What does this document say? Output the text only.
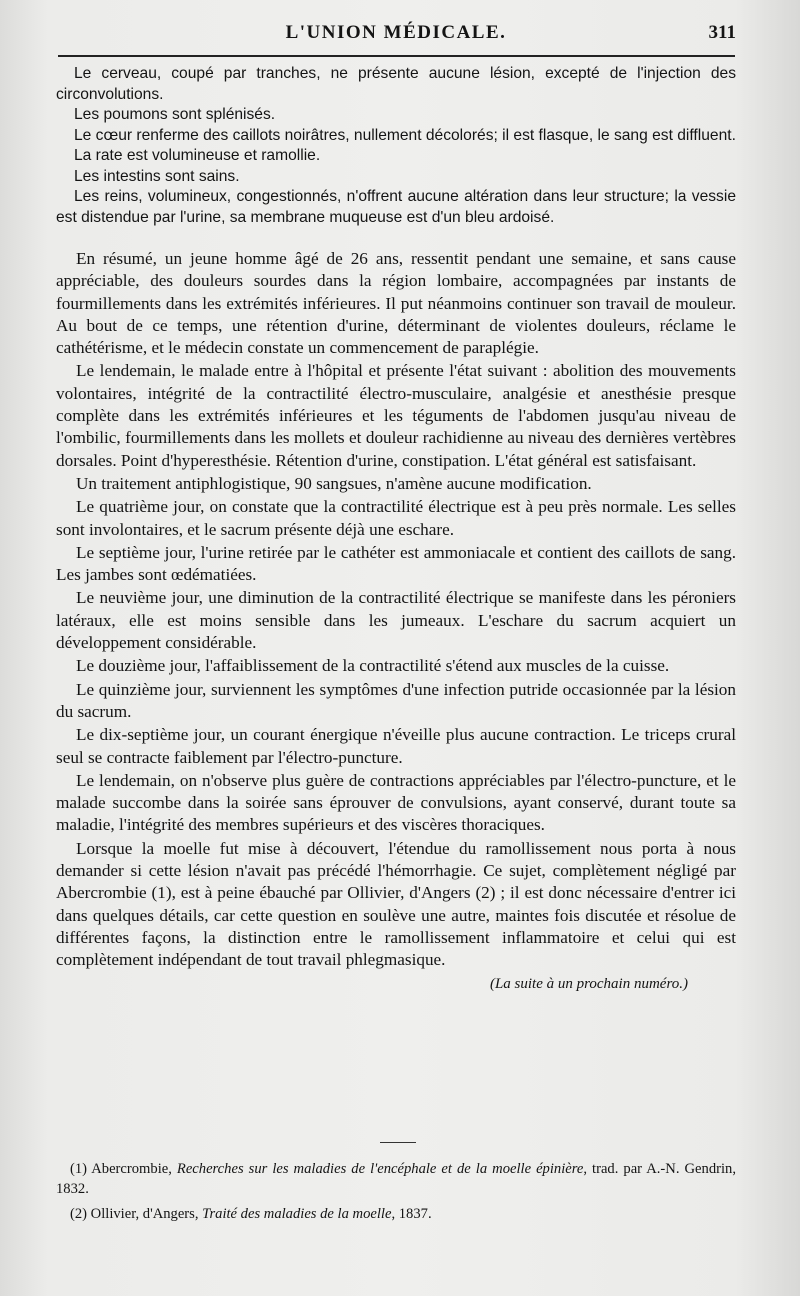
L'UNION MÉDICALE.	311

Le cerveau, coupé par tranches, ne présente aucune lésion, excepté de l'injection des circonvolutions.

Les poumons sont splénisés.

Le cœur renferme des caillots noirâtres, nullement décolorés; il est flasque, le sang est diffluent.

La rate est volumineuse et ramollie.

Les intestins sont sains.

Les reins, volumineux, congestionnés, n'offrent aucune altération dans leur structure; la vessie est distendue par l'urine, sa membrane muqueuse est d'un bleu ardoisé.

En résumé, un jeune homme âgé de 26 ans, ressentit pendant une semaine, et sans cause appréciable, des douleurs sourdes dans la région lombaire, accompagnées par instants de fourmillements dans les extrémités inférieures. Il put néanmoins continuer son travail de mouleur. Au bout de ce temps, une rétention d'urine, déterminant de violentes douleurs, réclame le cathétérisme, et le médecin constate un commencement de paraplégie.

Le lendemain, le malade entre à l'hôpital et présente l'état suivant : abolition des mouvements volontaires, intégrité de la contractilité électro-musculaire, analgésie et anesthésie presque complète dans les extrémités inférieures et les téguments de l'abdomen jusqu'au niveau de l'ombilic, fourmillements dans les mollets et douleur rachidienne au niveau des dernières vertèbres dorsales. Point d'hyperesthésie. Rétention d'urine, constipation. L'état général est satisfaisant.

Un traitement antiphlogistique, 90 sangsues, n'amène aucune modification.

Le quatrième jour, on constate que la contractilité électrique est à peu près normale. Les selles sont involontaires, et le sacrum présente déjà une eschare.

Le septième jour, l'urine retirée par le cathéter est ammoniacale et contient des caillots de sang. Les jambes sont œdématiées.

Le neuvième jour, une diminution de la contractilité électrique se manifeste dans les péroniers latéraux, elle est moins sensible dans les jumeaux. L'eschare du sacrum acquiert un développement considérable.

Le douzième jour, l'affaiblissement de la contractilité s'étend aux muscles de la cuisse.

Le quinzième jour, surviennent les symptômes d'une infection putride occasionnée par la lésion du sacrum.

Le dix-septième jour, un courant énergique n'éveille plus aucune contraction. Le triceps crural seul se contracte faiblement par l'électro-puncture.

Le lendemain, on n'observe plus guère de contractions appréciables par l'électro-puncture, et le malade succombe dans la soirée sans éprouver de convulsions, ayant conservé, durant toute sa maladie, l'intégrité des membres supérieurs et des viscères thoraciques.

Lorsque la moelle fut mise à découvert, l'étendue du ramollissement nous porta à nous demander si cette lésion n'avait pas précédé l'hémorrhagie. Ce sujet, complètement négligé par Abercrombie (1), est à peine ébauché par Ollivier, d'Angers (2) ; il est donc nécessaire d'entrer ici dans quelques détails, car cette question en soulève une autre, maintes fois discutée et résolue de différentes façons, la distinction entre le ramollissement inflammatoire et celui qui est complètement indépendant de tout travail phlegmasique.

(La suite à un prochain numéro.)

(1) Abercrombie, Recherches sur les maladies de l'encéphale et de la moelle épinière, trad. par A.-N. Gendrin, 1832.

(2) Ollivier, d'Angers, Traité des maladies de la moelle, 1837.
